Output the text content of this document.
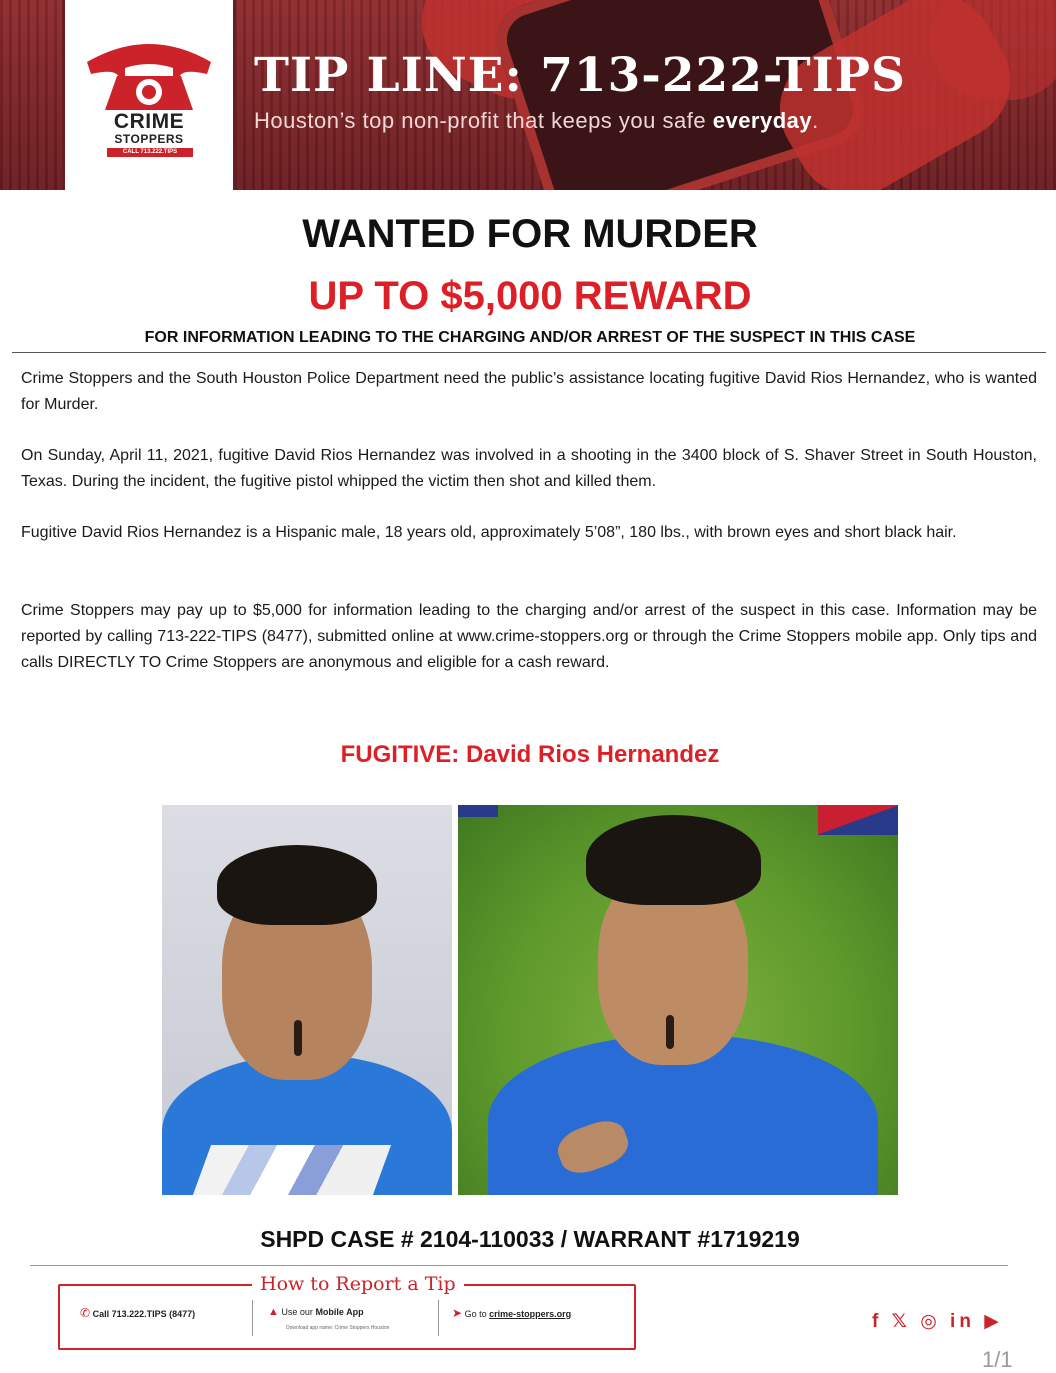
CRIME
STOPPERS
CALL 713.222.TIPS
TIP LINE: 713-222-TIPS
Houston’s top non-profit that keeps you safe everyday.
WANTED FOR MURDER
UP TO $5,000 REWARD
FOR INFORMATION LEADING TO THE CHARGING AND/OR ARREST OF THE SUSPECT IN THIS CASE
Crime Stoppers and the South Houston Police Department need the public’s assistance locating fugitive David Rios Hernandez, who is wanted for Murder.
On Sunday, April 11, 2021, fugitive David Rios Hernandez was involved in a shooting in the 3400 block of S. Shaver Street in South Houston, Texas. During the incident, the fugitive pistol whipped the victim then shot and killed them.
Fugitive David Rios Hernandez is a Hispanic male, 18 years old, approximately 5’08”, 180 lbs., with brown eyes and short black hair.
Crime Stoppers may pay up to $5,000 for information leading to the charging and/or arrest of the suspect in this case. Information may be reported by calling 713-222-TIPS (8477), submitted online at www.crime-stoppers.org or through the Crime Stoppers mobile app. Only tips and calls DIRECTLY TO Crime Stoppers are anonymous and eligible for a cash reward.
FUGITIVE: David Rios Hernandez
SHPD CASE # 2104-110033 / WARRANT #1719219
How to Report a Tip
✆ Call 713.222.TIPS (8477)	▲ Use our Mobile App
Download app name: Crime Stoppers Houston
➤ Go to crime-stoppers.org	f 𝕏 ◎ in ▶
1/1
